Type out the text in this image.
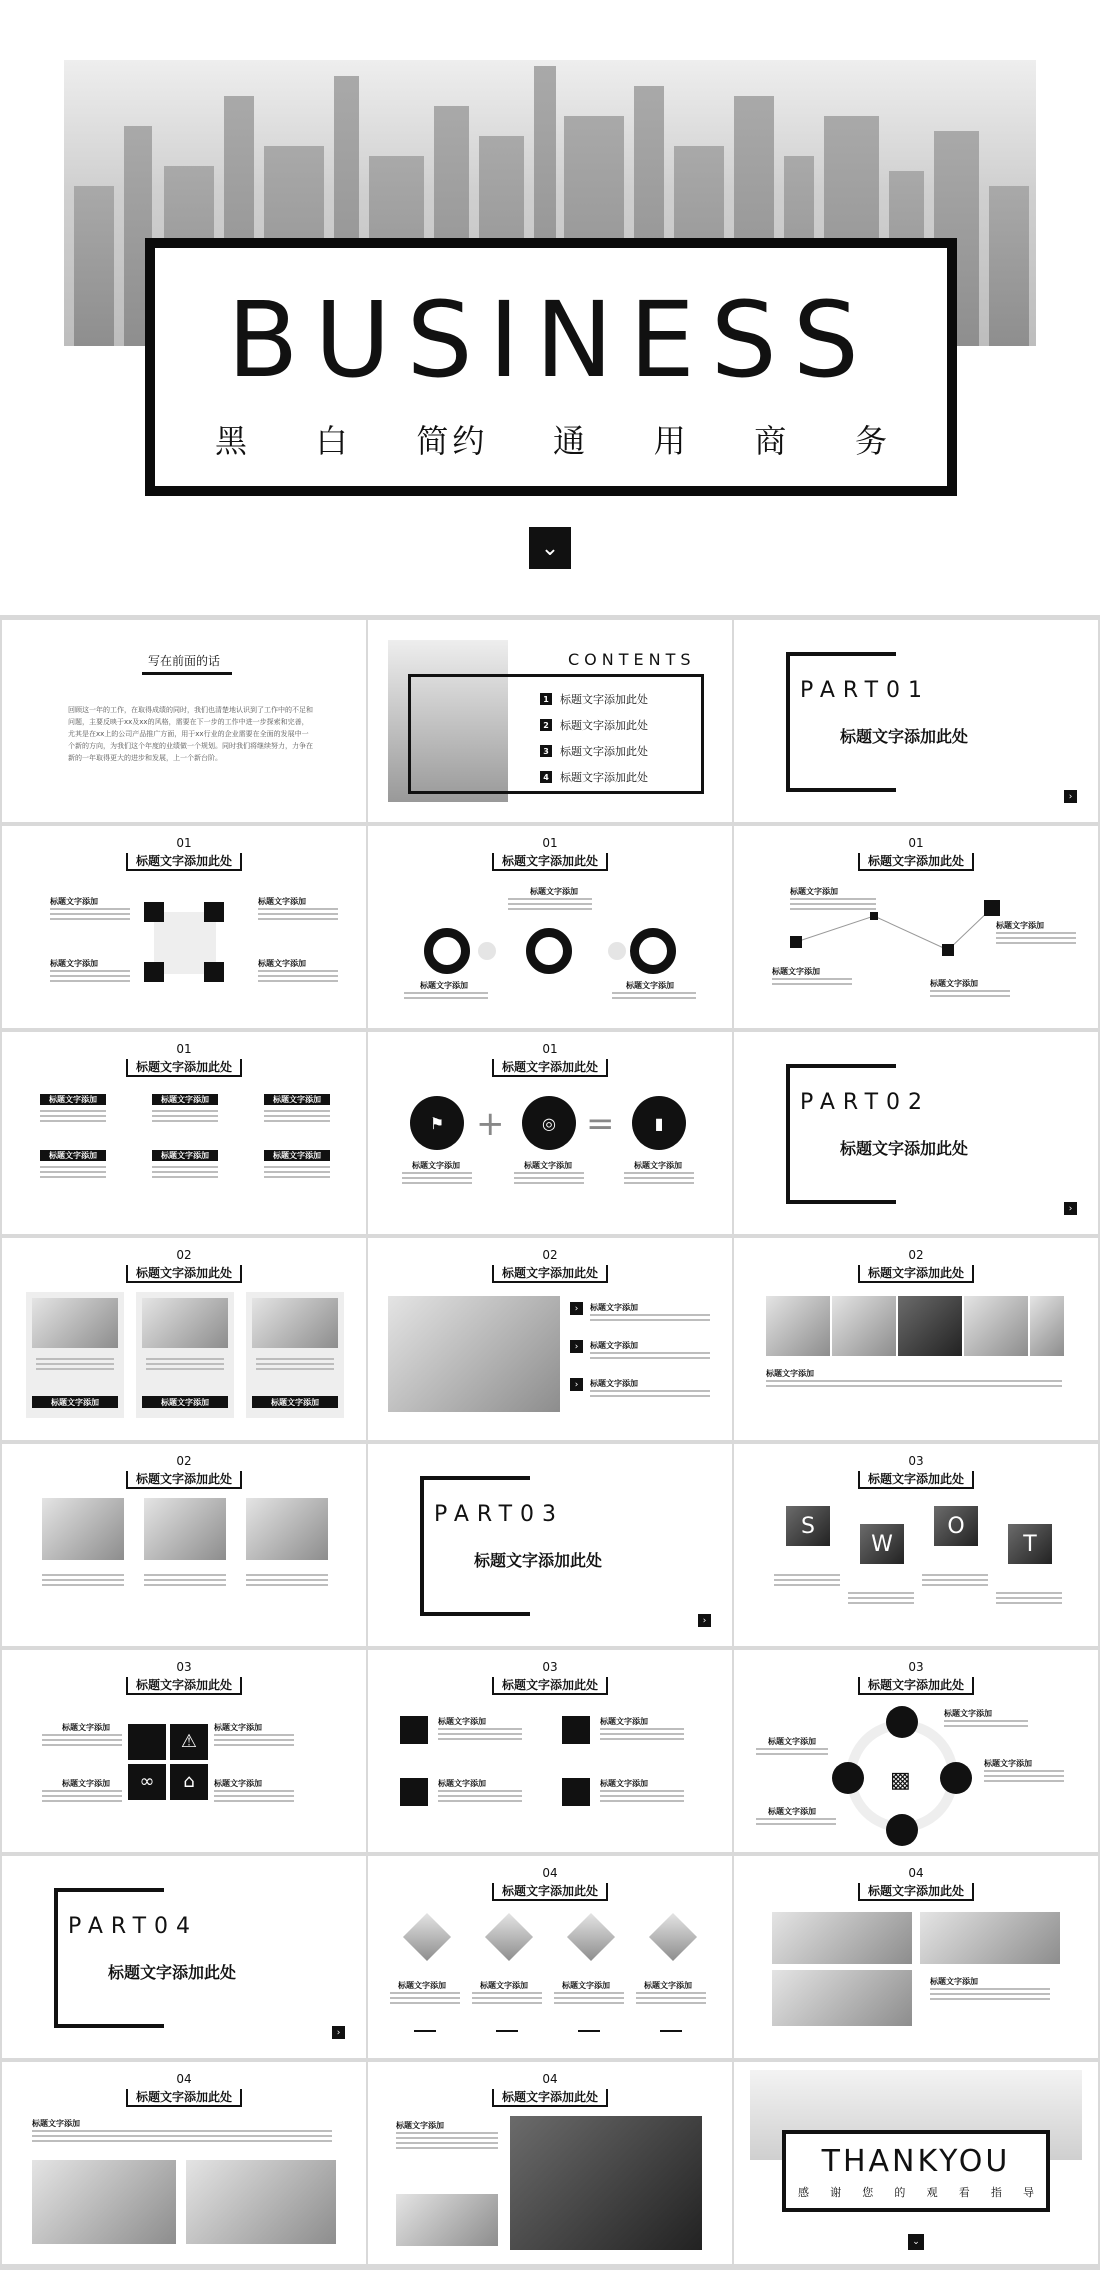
BUSINESS
黑 白 简 约 通 用 商 务
⌄
写在前面的话
回顾这一年的工作，在取得成绩的同时，我们也清楚地认识到了工作中的不足和问题，主要反映于xx及xx的风格，需要在下一步的工作中进一步探索和完善，尤其是在xx上的公司产品推广方面，用于xx行业的企业需要在全面的发展中一个新的方向，为我们这个年度的业绩做一个规划。同时我们将继续努力，力争在新的一年取得更大的进步和发展，上一个新台阶。
CONTENTS
1 标题文字添加此处
2 标题文字添加此处
3 标题文字添加此处
4 标题文字添加此处
PART01
标题文字添加此处
›
01
标题文字添加此处
标题文字添加	标题文字添加
标题文字添加	标题文字添加
01
标题文字添加此处
标题文字添加
标题文字添加	标题文字添加
01
标题文字添加此处
标题文字添加
标题文字添加
标题文字添加
标题文字添加
01
标题文字添加此处
标题文字添加	标题文字添加	标题文字添加
标题文字添加	标题文字添加	标题文字添加
01
标题文字添加此处
⚑ +	◎ =	▮
标题文字添加	标题文字添加	标题文字添加
PART02
标题文字添加此处
›
02
标题文字添加此处
标题文字添加	标题文字添加	标题文字添加
02
标题文字添加此处
›	标题文字添加
›	标题文字添加
›	标题文字添加
02
标题文字添加此处
标题文字添加
02
标题文字添加此处
PART03
标题文字添加此处
›
03
标题文字添加此处
S
W
O
T
03
标题文字添加此处
⚠
∞	⌂
标题文字添加	标题文字添加
标题文字添加	标题文字添加
03
标题文字添加此处
标题文字添加	标题文字添加
标题文字添加	标题文字添加
03
标题文字添加此处
▩
标题文字添加
标题文字添加
标题文字添加
标题文字添加
PART04
标题文字添加此处
›
04
标题文字添加此处
标题文字添加	标题文字添加	标题文字添加	标题文字添加
04
标题文字添加此处
标题文字添加
04
标题文字添加此处
标题文字添加
04
标题文字添加此处
标题文字添加
THANKYOU
感 谢 您 的 观 看 指 导
⌄
